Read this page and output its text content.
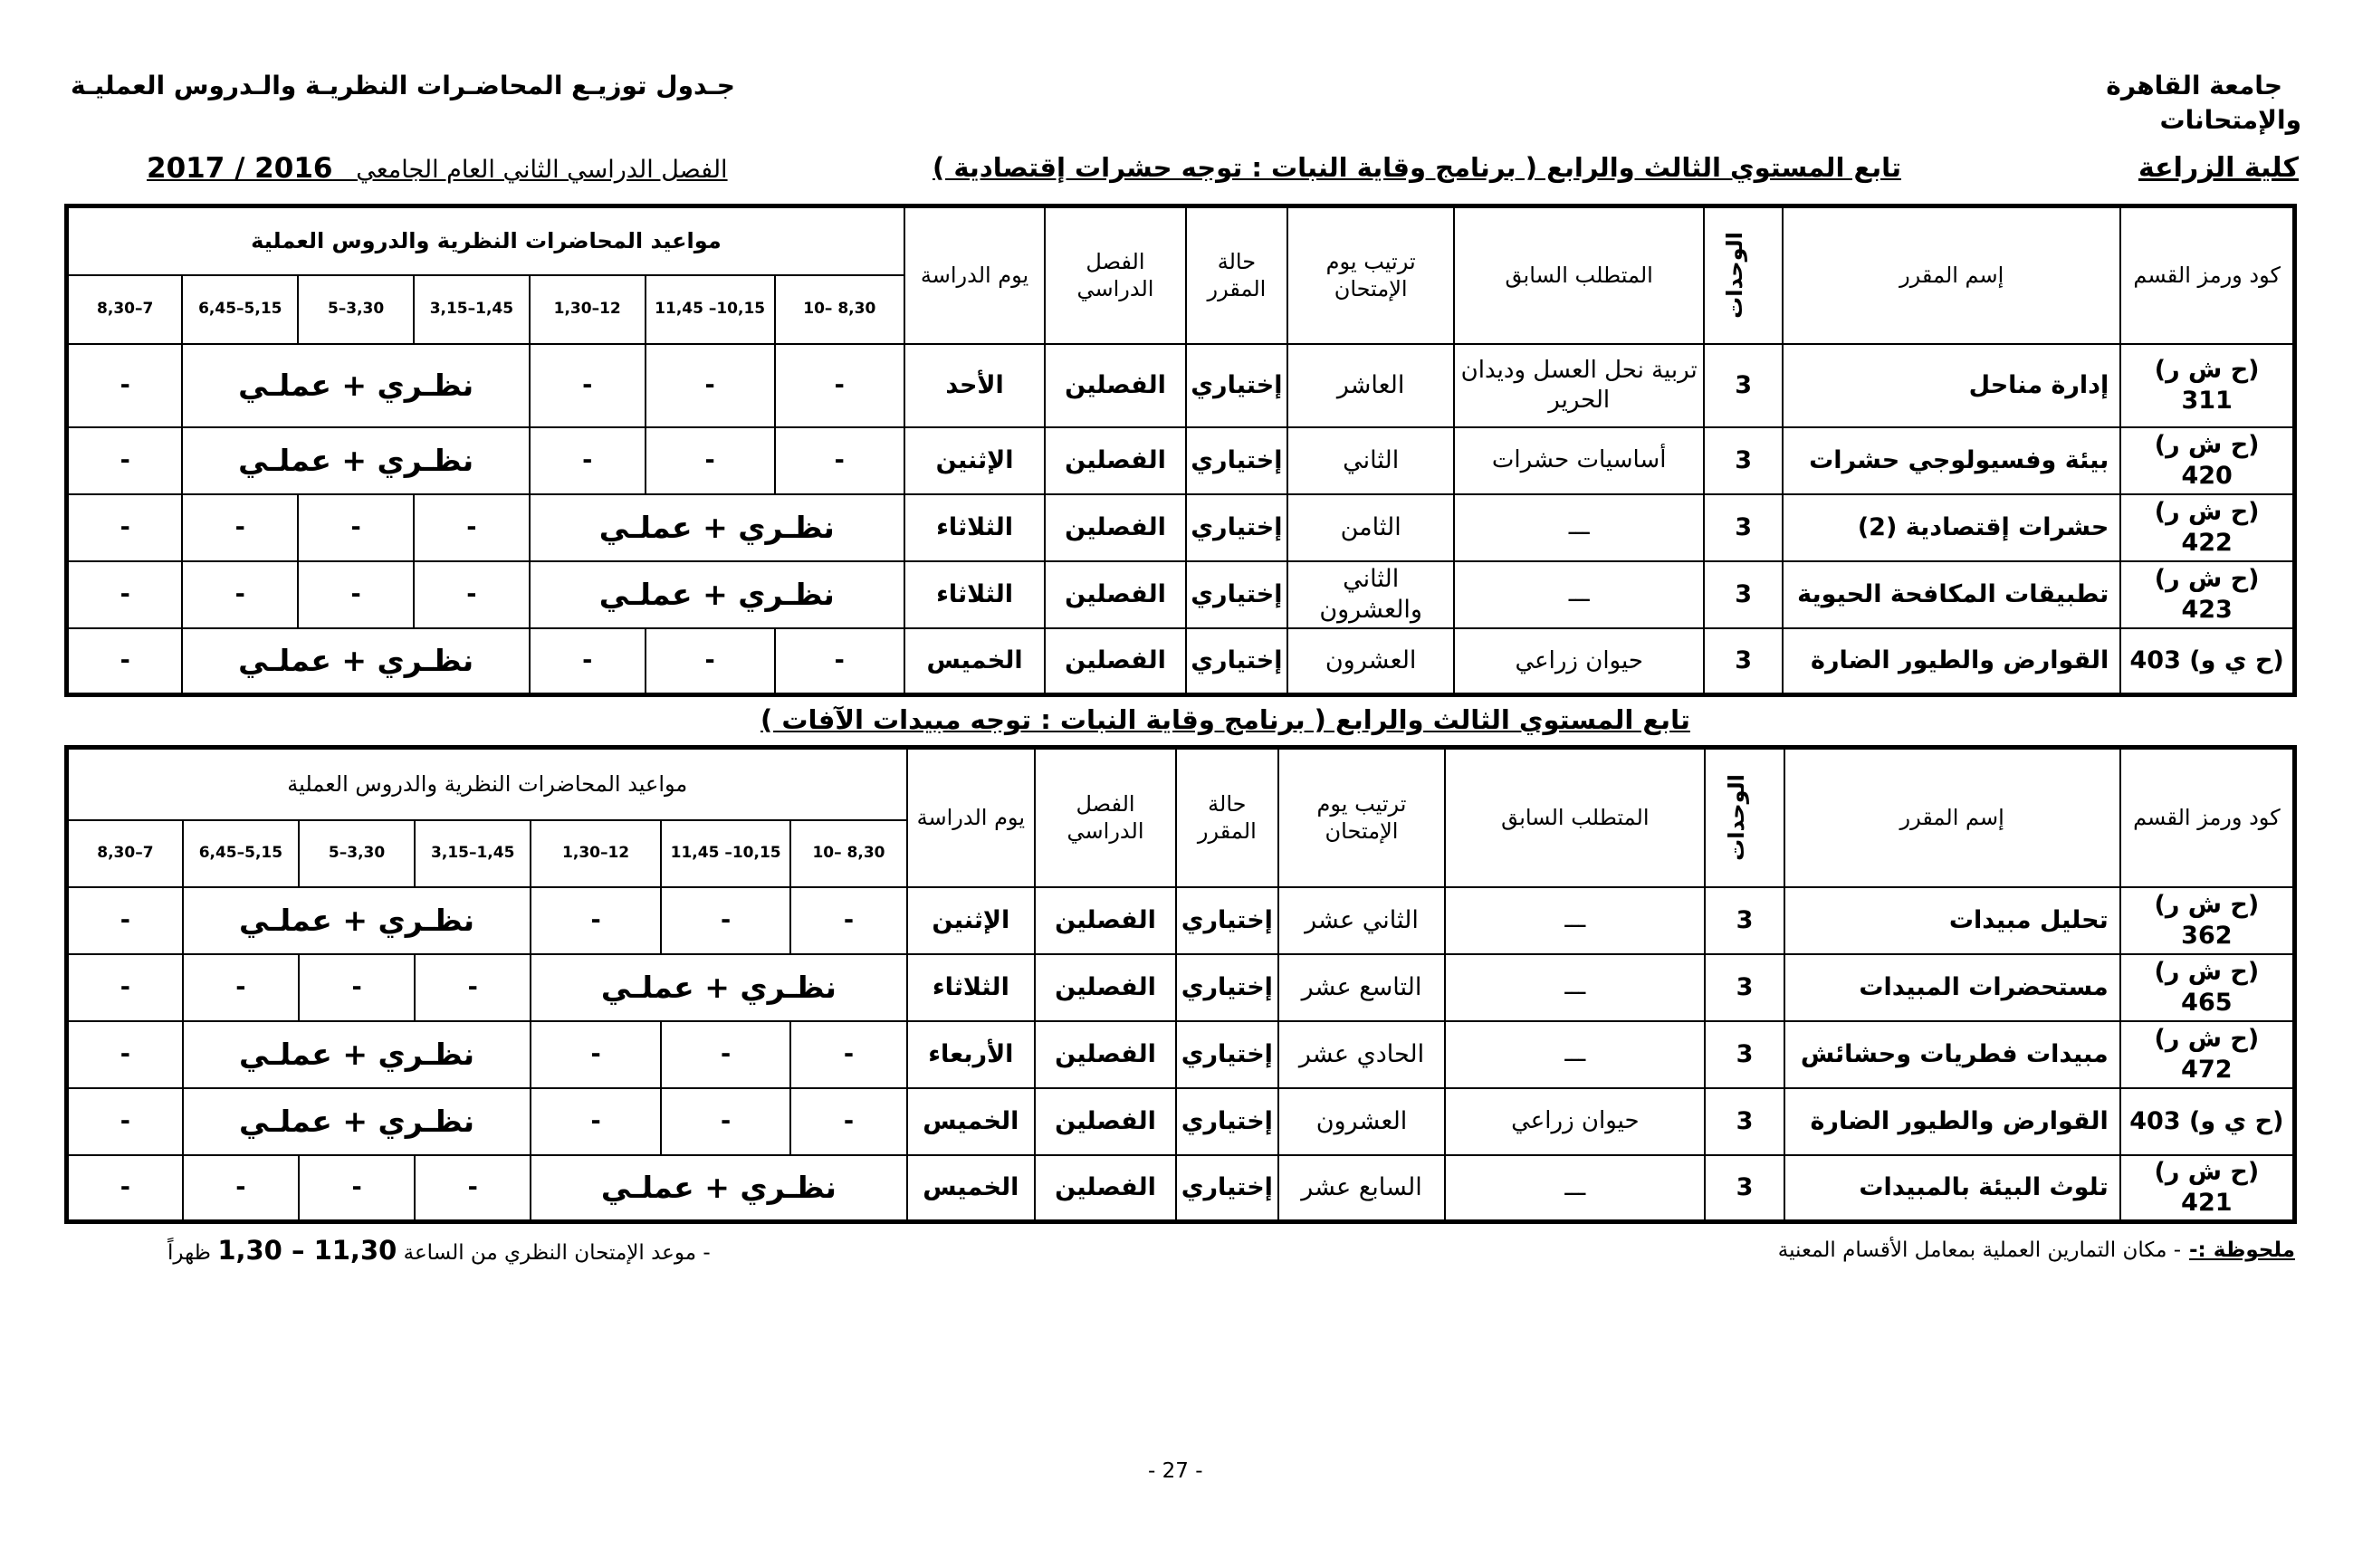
جامعة القاهرة
والإمتحانات
كلية الزراعة
جـدول توزيـع المحاضـرات النظريـة والـدروس العمليـة
تابع المستوي الثالث والرابع ( برنامج وقاية النبات : توجه حشرات إقتصادية )
الفصل الدراسي الثاني العام الجامعي   2017 / 2016
كود ورمز القسم	إسم المقرر	الوحدات	المتطلب السابق	ترتيب يوم الإمتحان	حالة المقرر	الفصل الدراسي	يوم الدراسة	مواعيد المحاضرات النظرية والدروس العملية						
								10– 8,30	11,45 –10,15	1,30–12	3,15–1,45	5–3,30	6,45–5,15	8,30–7
(ح ش ر) 311	إدارة مناحل	3	تربية نحل العسل وديدان الحرير	العاشر	إختياري	الفصلين	الأحد	-	-	-	نظـري + عملـي			-
(ح ش ر) 420	بيئة وفسيولوجي حشرات	3	أساسيات حشرات	الثاني	إختياري	الفصلين	الإثنين	-	-	-	نظـري + عملـي			-
(ح ش ر) 422	حشرات إقتصادية (2)	3	ـــ	الثامن	إختياري	الفصلين	الثلاثاء	نظـري + عملـي			-	-	-	-
(ح ش ر) 423	تطبيقات المكافحة الحيوية	3	ـــ	الثاني والعشرون	إختياري	الفصلين	الثلاثاء	نظـري + عملـي			-	-	-	-
(ح ي و) 403	القوارض والطيور الضارة	3	حيوان زراعي	العشرون	إختياري	الفصلين	الخميس	-	-	-	نظـري + عملـي			-
تابع المستوي الثالث والرابع ( برنامج وقاية النبات : توجه مبيدات الآفات )
كود ورمز القسم	إسم المقرر	الوحدات	المتطلب السابق	ترتيب يوم الإمتحان	حالة المقرر	الفصل الدراسي	يوم الدراسة	مواعيد المحاضرات النظرية والدروس العملية						
								10– 8,30	11,45 –10,15	1,30–12	3,15–1,45	5–3,30	6,45–5,15	8,30–7
(ح ش ر) 362	تحليل مبيدات	3	ـــ	الثاني عشر	إختياري	الفصلين	الإثنين	-	-	-	نظـري + عملـي			-
(ح ش ر) 465	مستحضرات المبيدات	3	ـــ	التاسع عشر	إختياري	الفصلين	الثلاثاء	نظـري + عملـي			-	-	-	-
(ح ش ر) 472	مبيدات فطريات وحشائش	3	ـــ	الحادي عشر	إختياري	الفصلين	الأربعاء	-	-	-	نظـري + عملـي			-
(ح ي و) 403	القوارض والطيور الضارة	3	حيوان زراعي	العشرون	إختياري	الفصلين	الخميس	-	-	-	نظـري + عملـي			-
(ح ش ر) 421	تلوث البيئة بالمبيدات	3	ـــ	السابع عشر	إختياري	الفصلين	الخميس	نظـري + عملـي			-	-	-	-
ملحوظة :-
- مكان التمارين العملية بمعامل الأقسام المعنية
- موعد الإمتحان النظري من الساعة 11,30 – 1,30 ظهراً
- 27 -
